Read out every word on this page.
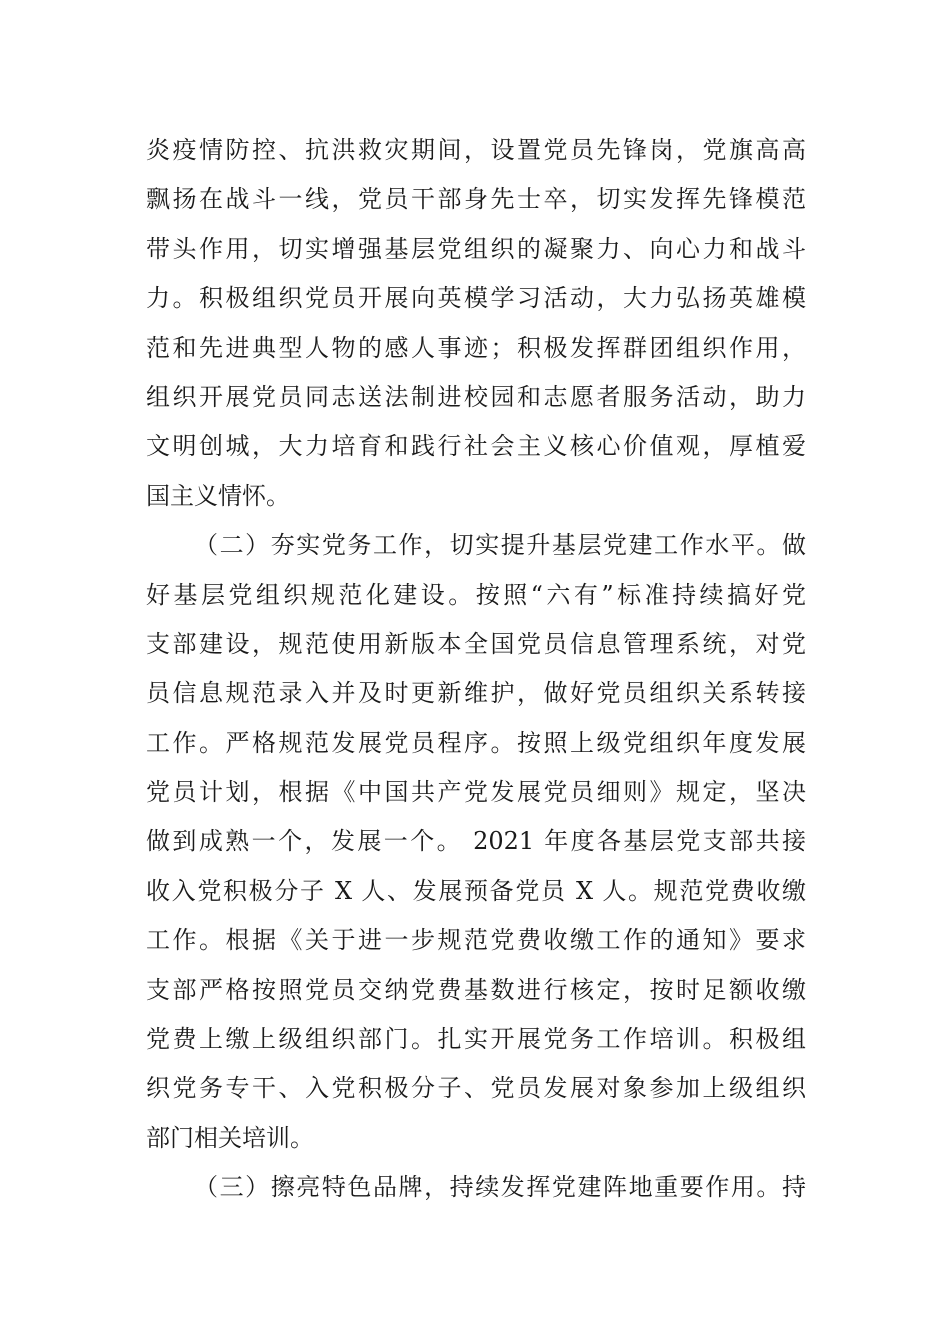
炎疫情防控、抗洪救灾期间，设置党员先锋岗，党旗高高
飘扬在战斗一线，党员干部身先士卒，切实发挥先锋模范
带头作用，切实增强基层党组织的凝聚力、向心力和战斗
力。积极组织党员开展向英模学习活动，大力弘扬英雄模
范和先进典型人物的感人事迹；积极发挥群团组织作用，
组织开展党员同志送法制进校园和志愿者服务活动，助力
文明创城，大力培育和践行社会主义核心价值观，厚植爱
国主义情怀。
（二）夯实党务工作，切实提升基层党建工作水平。做
好基层党组织规范化建设。按照“六有”标准持续搞好党
支部建设，规范使用新版本全国党员信息管理系统，对党
员信息规范录入并及时更新维护，做好党员组织关系转接
工作。严格规范发展党员程序。按照上级党组织年度发展
党员计划，根据《中国共产党发展党员细则》规定，坚决
做到成熟一个，发展一个。 2021 年度各基层党支部共接
收入党积极分子 X 人、发展预备党员 X 人。规范党费收缴
工作。根据《关于进一步规范党费收缴工作的通知》要求
支部严格按照党员交纳党费基数进行核定，按时足额收缴
党费上缴上级组织部门。扎实开展党务工作培训。积极组
织党务专干、入党积极分子、党员发展对象参加上级组织
部门相关培训。
（三）擦亮特色品牌，持续发挥党建阵地重要作用。持
